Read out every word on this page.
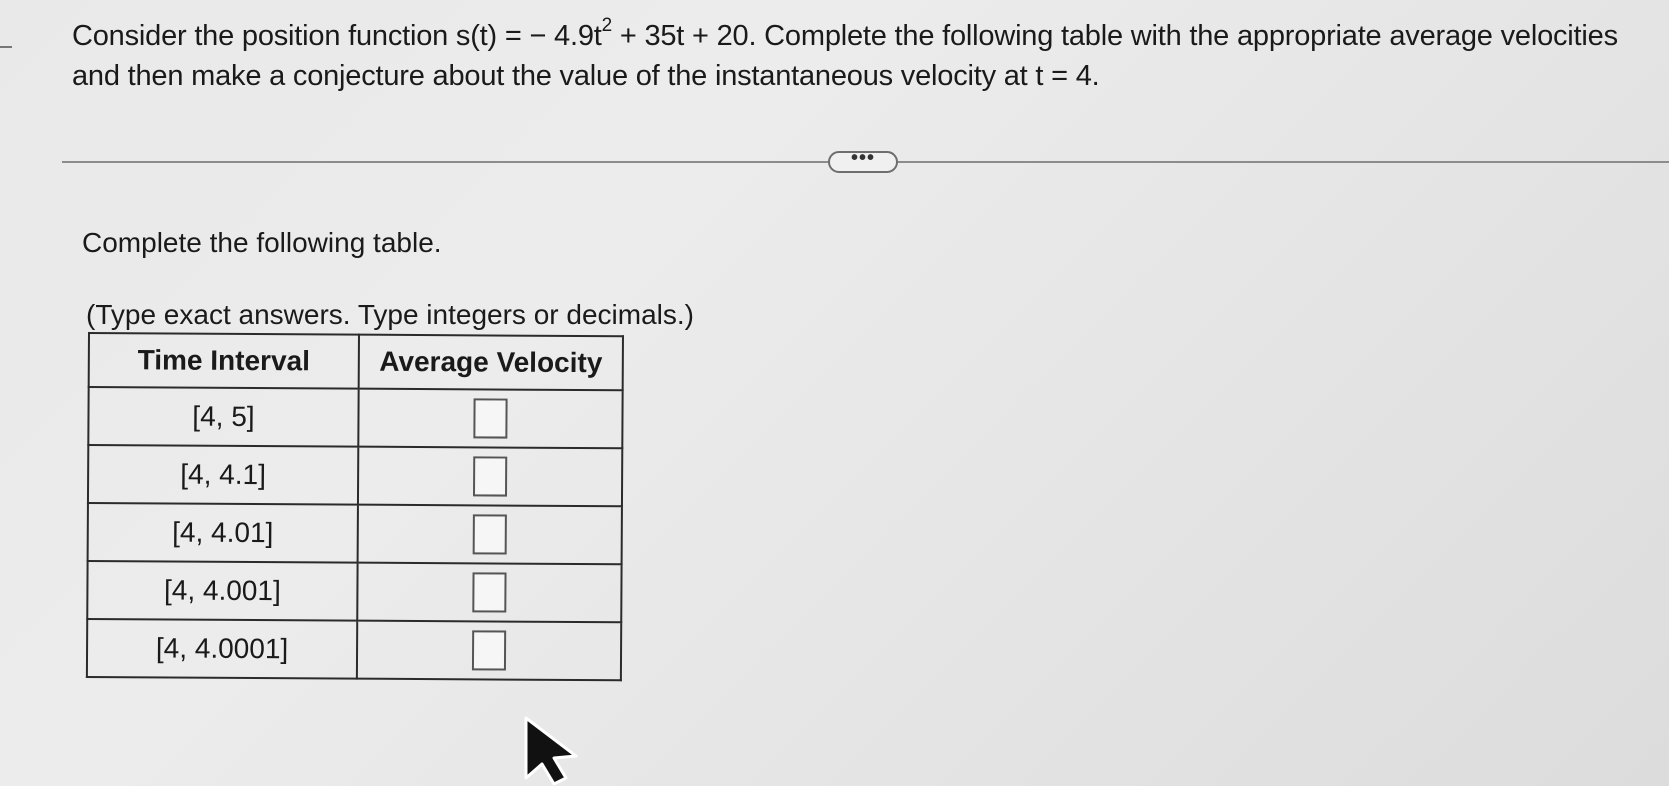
Consider the position function s(t) = − $4.9t^2 + 35t + 20$. Complete the following table with the appropriate average velocities and then make a conjecture about the value of the instantaneous velocity at t = 4.
•••
Complete the following table.
(Type exact answers. Type integers or decimals.)
Time Interval	Average Velocity
[4, 5]	
[4, 4.1]	
[4, 4.01]	
[4, 4.001]	
[4, 4.0001]	
